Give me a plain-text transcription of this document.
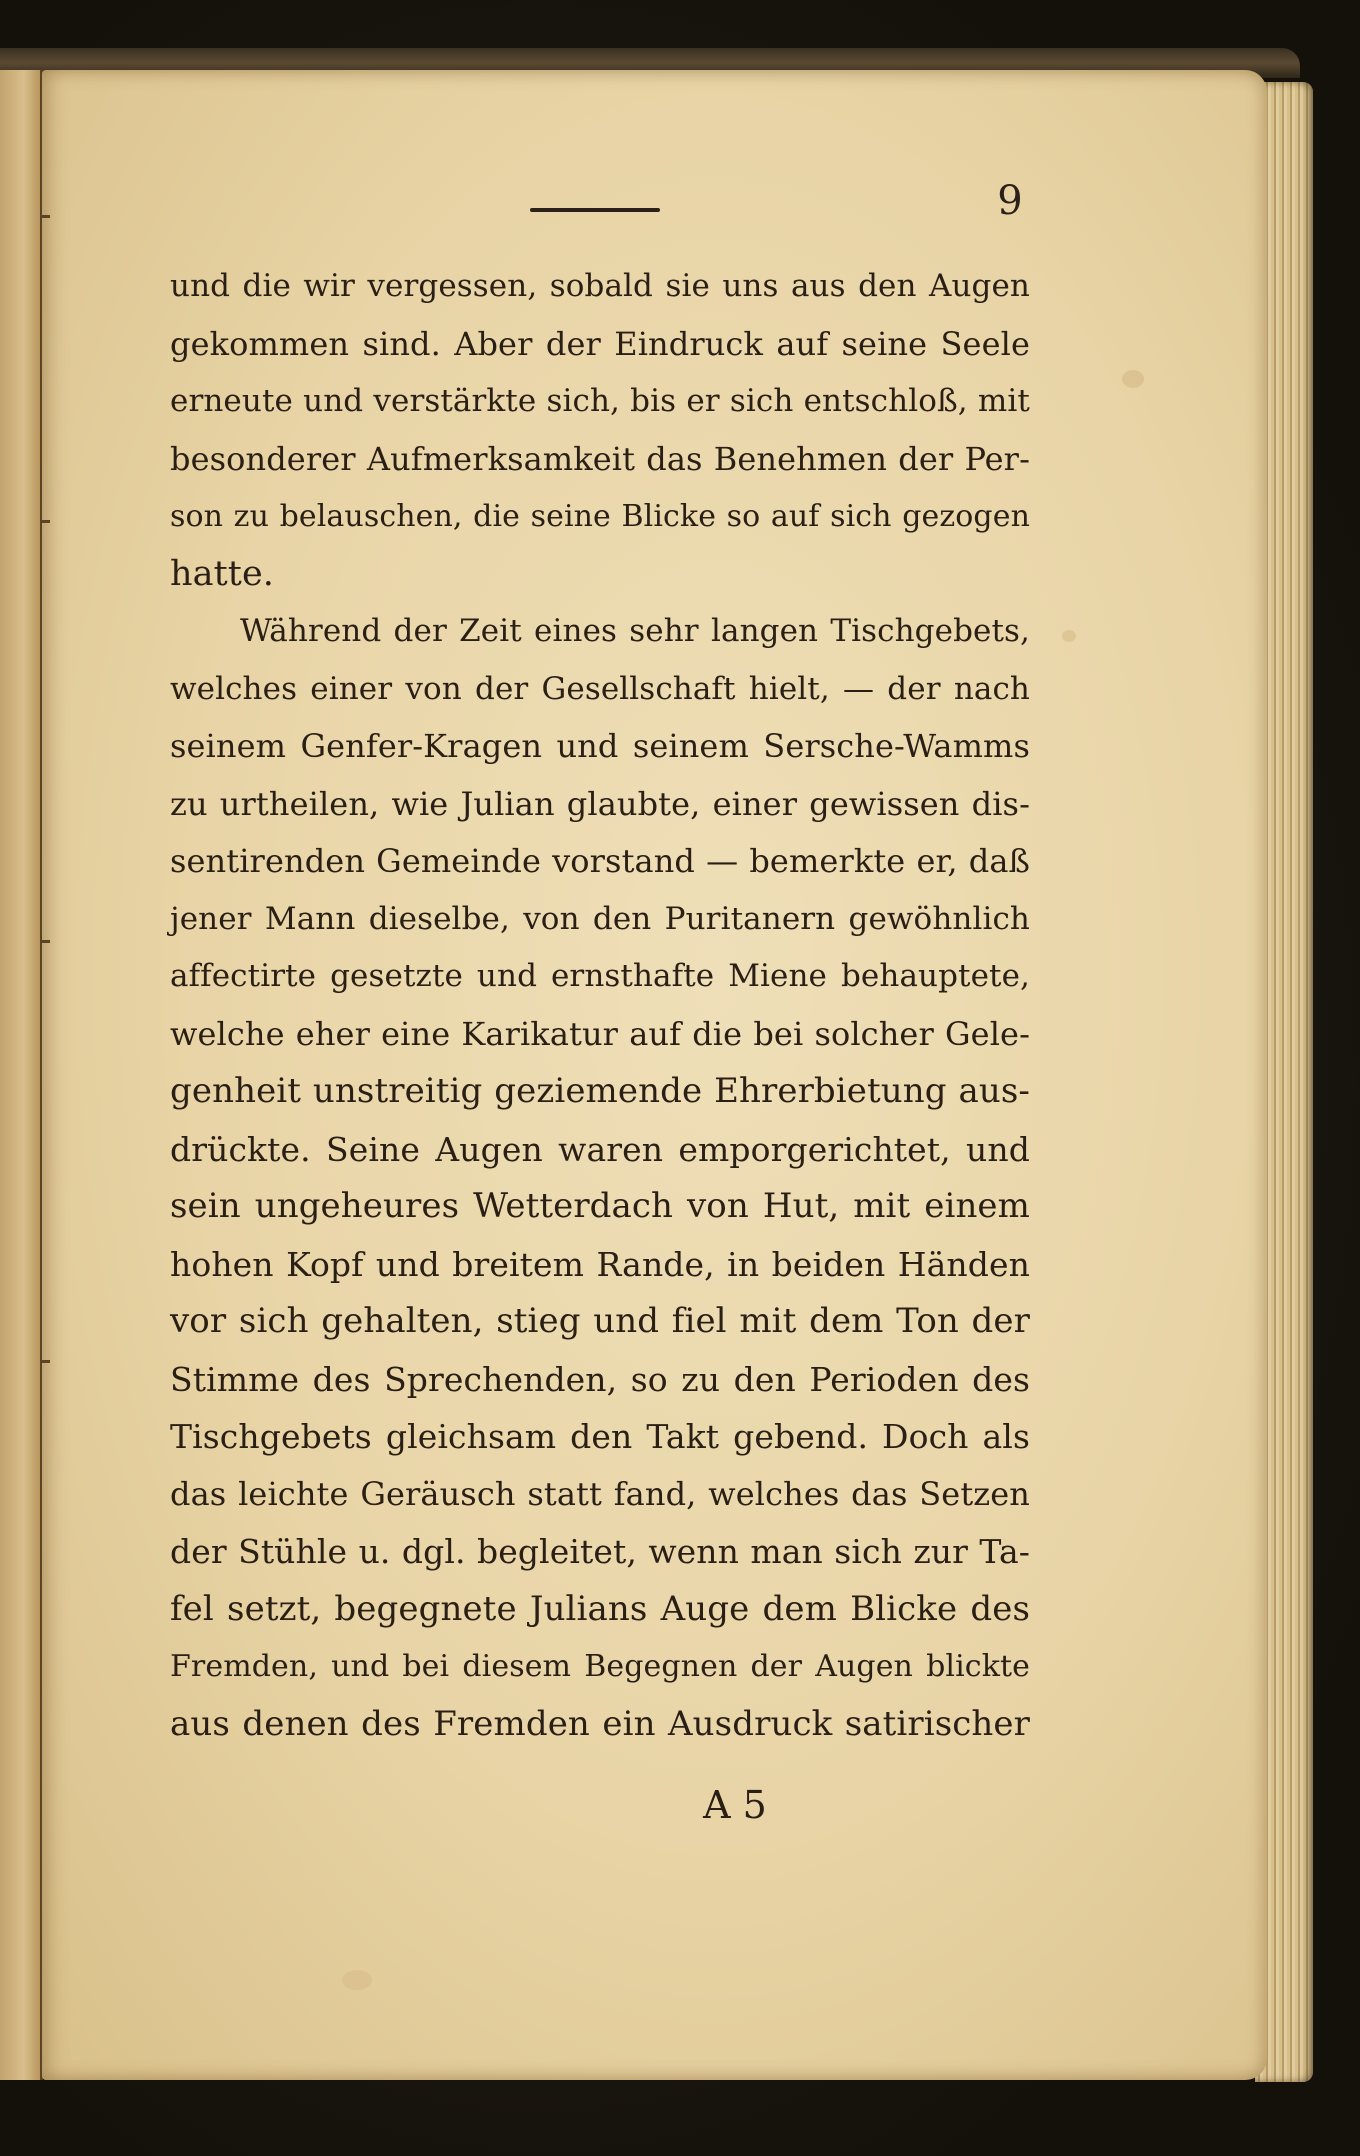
9
und die wir vergessen, sobald sie uns aus den Augen
gekommen sind. Aber der Eindruck auf seine Seele
erneute und verstärkte sich, bis er sich entschloß, mit
besonderer Aufmerksamkeit das Benehmen der Per-
son zu belauschen, die seine Blicke so auf sich gezogen
hatte.
Während der Zeit eines sehr langen Tischgebets,
welches einer von der Gesellschaft hielt, — der nach
seinem Genfer-Kragen und seinem Sersche-Wamms
zu urtheilen, wie Julian glaubte, einer gewissen dis-
sentirenden Gemeinde vorstand — bemerkte er, daß
jener Mann dieselbe, von den Puritanern gewöhnlich
affectirte gesetzte und ernsthafte Miene behauptete,
welche eher eine Karikatur auf die bei solcher Gele-
genheit unstreitig geziemende Ehrerbietung aus-
drückte. Seine Augen waren emporgerichtet, und
sein ungeheures Wetterdach von Hut, mit einem
hohen Kopf und breitem Rande, in beiden Händen
vor sich gehalten, stieg und fiel mit dem Ton der
Stimme des Sprechenden, so zu den Perioden des
Tischgebets gleichsam den Takt gebend. Doch als
das leichte Geräusch statt fand, welches das Setzen
der Stühle u. dgl. begleitet, wenn man sich zur Ta-
fel setzt, begegnete Julians Auge dem Blicke des
Fremden, und bei diesem Begegnen der Augen blickte
aus denen des Fremden ein Ausdruck satirischer
A 5
